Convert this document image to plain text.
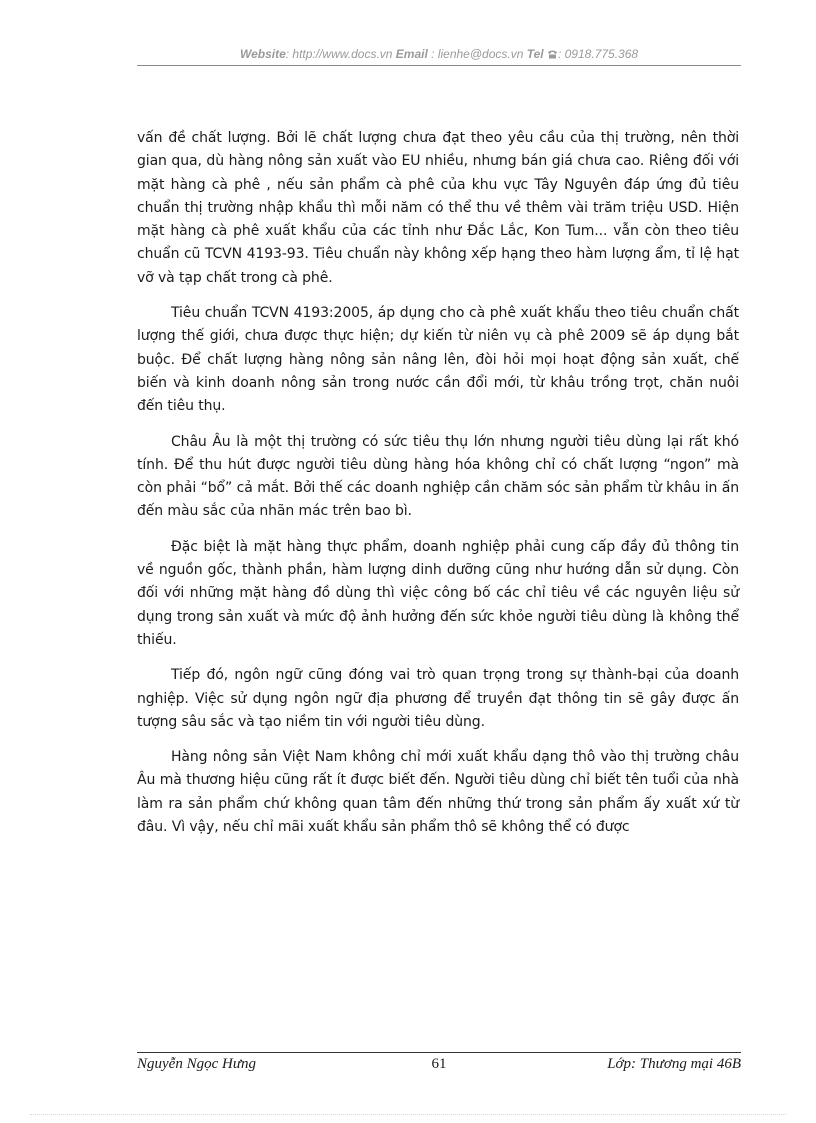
Website: http://www.docs.vn Email : lienhe@docs.vn Tel : 0918.775.368

vấn đề chất lượng. Bởi lẽ chất lượng chưa đạt theo yêu cầu của thị trường, nên thời gian qua, dù hàng nông sản xuất vào EU nhiều, nhưng bán giá chưa cao. Riêng đối với mặt hàng cà phê , nếu sản phẩm cà phê của khu vực Tây Nguyên đáp ứng đủ tiêu chuẩn thị trường nhập khẩu thì mỗi năm có thể thu về thêm vài trăm triệu USD. Hiện mặt hàng cà phê xuất khẩu của các tỉnh như Đắc Lắc, Kon Tum... vẫn còn theo tiêu chuẩn cũ TCVN 4193-93. Tiêu chuẩn này không xếp hạng theo hàm lượng ẩm, tỉ lệ hạt vỡ và tạp chất trong cà phê.

Tiêu chuẩn TCVN 4193:2005, áp dụng cho cà phê xuất khẩu theo tiêu chuẩn chất lượng thế giới, chưa được thực hiện; dự kiến từ niên vụ cà phê 2009 sẽ áp dụng bắt buộc. Để chất lượng hàng nông sản nâng lên, đòi hỏi mọi hoạt động sản xuất, chế biến và kinh doanh nông sản trong nước cần đổi mới, từ khâu trồng trọt, chăn nuôi đến tiêu thụ.

Châu Âu là một thị trường có sức tiêu thụ lớn nhưng người tiêu dùng lại rất khó tính. Để thu hút được người tiêu dùng hàng hóa không chỉ có chất lượng “ngon” mà còn phải “bổ” cả mắt. Bởi thế các doanh nghiệp cần chăm sóc sản phẩm từ khâu in ấn đến màu sắc của nhãn mác trên bao bì.

Đặc biệt là mặt hàng thực phẩm, doanh nghiệp phải cung cấp đầy đủ thông tin về nguồn gốc, thành phần, hàm lượng dinh dưỡng cũng như hướng dẫn sử dụng. Còn đối với những mặt hàng đồ dùng thì việc công bố các chỉ tiêu về các nguyên liệu sử dụng trong sản xuất và mức độ ảnh hưởng đến sức khỏe người tiêu dùng là không thể thiếu.

Tiếp đó, ngôn ngữ cũng đóng vai trò quan trọng trong sự thành-bại của doanh nghiệp. Việc sử dụng ngôn ngữ địa phương để truyền đạt thông tin sẽ gây được ấn tượng sâu sắc và tạo niềm tin với người tiêu dùng.

Hàng nông sản Việt Nam không chỉ mới xuất khẩu dạng thô vào thị trường châu Âu mà thương hiệu cũng rất ít được biết đến. Người tiêu dùng chỉ biết tên tuổi của nhà làm ra sản phẩm chứ không quan tâm đến những thứ trong sản phẩm ấy xuất xứ từ đâu. Vì vậy, nếu chỉ mãi xuất khẩu sản phẩm thô sẽ không thể có được

61
Nguyễn Ngọc Hưng	Lớp: Thương mại 46B
